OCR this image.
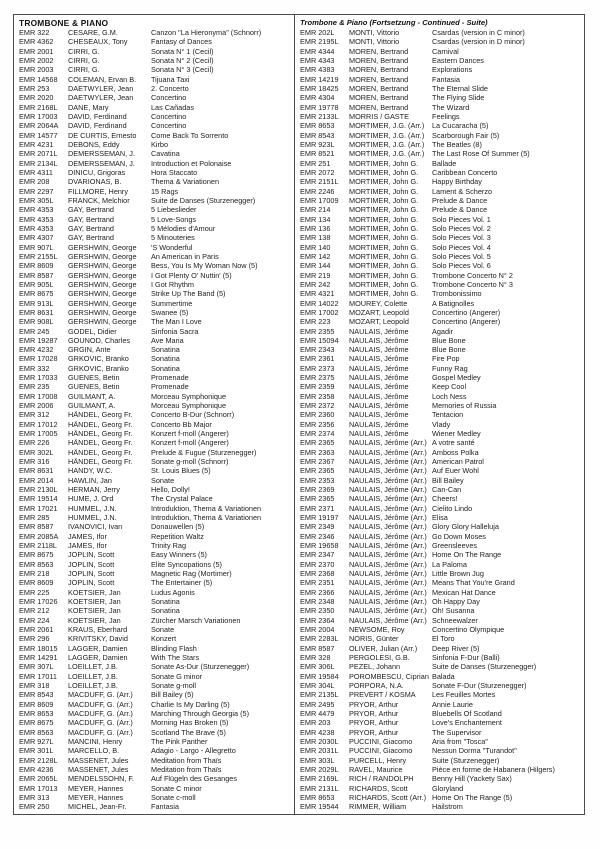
TROMBONE & PIANO
EMR 322	CESARE, G.M.	Canzon "La Hieronyma" (Schnorr)
EMR 4362	CHESEAUX, Tony	Fantasy of Dances
EMR 2001	CIRRI, G.	Sonata N° 1 (Cecil)
EMR 2002	CIRRI, G.	Sonata N° 2 (Cecil)
EMR 2003	CIRRI, G.	Sonata N° 3 (Cecil)
EMR 14568	COLEMAN, Ervan B.	Tijuana Taxi
EMR 253	DAETWYLER, Jean	2. Concerto
EMR 2020	DAETWYLER, Jean	Concertino
EMR 2168L	DANE, Mary	Las Cañadas
EMR 17003	DAVID, Ferdinand	Concertino
EMR 2064A	DAVID, Ferdinand	Concertino
EMR 14577	DE CURTIS, Ernesto	Come Back To Sorrento
EMR 4231	DEBONS, Eddy	Kirbo
EMR 2071L	DEMERSSEMAN, J.	Cavatina
EMR 2134L	DEMERSSEMAN, J.	Introduction et Polonaise
EMR 4311	DINICU, Grigoras	Hora Staccato
EMR 208	DVARIONAS, B.	Thema & Variationen
EMR 2297	FILLMORE, Henry	15 Rags
EMR 305L	FRANCK, Melchior	Suite de Danses (Sturzenegger)
EMR 4353	GAY, Bertrand	5 Liebeslieder
EMR 4353	GAY, Bertrand	5 Love-Songs
EMR 4353	GAY, Bertrand	5 Mélodies d'Amour
EMR 4307	GAY, Bertrand	5 Minouteries
EMR 907L	GERSHWIN, George	'S Wonderful
EMR 2155L	GERSHWIN, George	An American in Paris
EMR 8609	GERSHWIN, George	Bess, You Is My Woman Now (5)
EMR 8587	GERSHWIN, George	I Got Plenty O' Nuttin' (5)
EMR 905L	GERSHWIN, George	I Got Rhythm
EMR 8675	GERSHWIN, George	Strike Up The Band (5)
EMR 913L	GERSHWIN, George	Summertime
EMR 8631	GERSHWIN, George	Swanee (5)
EMR 908L	GERSHWIN, George	The Man I Love
EMR 245	GODEL, Didier	Sinfonia Sacra
EMR 19287	GOUNOD, Charles	Ave Maria
EMR 4232	GRGIN, Ante	Sonatina
EMR 17028	GRKOVIC, Branko	Sonatina
EMR 332	GRKOVIC, Branko	Sonatina
EMR 17033	GUENES, Betin	Promenade
EMR 235	GUENES, Betin	Promenade
EMR 17008	GUILMANT, A.	Morceau Symphonique
EMR 2006	GUILMANT, A.	Morceau Symphonique
EMR 312	HÄNDEL, Georg Fr.	Concerto B-Dur (Schnorr)
EMR 17012	HÄNDEL, Georg Fr.	Concerto Bb Major
EMR 17005	HÄNDEL, Georg Fr.	Konzert f-moll (Angerer)
EMR 226	HÄNDEL, Georg Fr.	Konzert f-moll (Angerer)
EMR 302L	HÄNDEL, Georg Fr.	Prelude & Fugue (Sturzenegger)
EMR 316	HÄNDEL, Georg Fr.	Sonate g-moll (Schnorr)
EMR 8631	HANDY, W.C.	St. Louis Blues (5)
EMR 2014	HAWLIN, Jan	Sonate
EMR 2130L	HERMAN, Jerry	Hello, Dolly!
EMR 19514	HUME, J. Ord	The Crystal Palace
EMR 17021	HUMMEL, J.N.	Introduktion, Thema & Variationen
EMR 285	HUMMEL, J.N.	Introduktion, Thema & Variationen
EMR 8587	IVANOVICI, Ivan	Donauwellen (5)
EMR 2085A	JAMES, Ifor	Repetition Waltz
EMR 2118L	JAMES, Ifor	Trinity Rag
EMR 8675	JOPLIN, Scott	Easy Winners (5)
EMR 8563	JOPLIN, Scott	Elite Syncopations (5)
EMR 218	JOPLIN, Scott	Magnetic Rag (Mortimer)
EMR 8609	JOPLIN, Scott	The Entertainer (5)
EMR 225	KOETSIER, Jan	Ludus Agonis
EMR 17026	KOETSIER, Jan	Sonatina
EMR 212	KOETSIER, Jan	Sonatina
EMR 224	KOETSIER, Jan	Zürcher Marsch Variationen
EMR 2061	KRAUS, Eberhard	Sonate
EMR 296	KRIVITSKY, David	Konzert
EMR 18015	LAGGER, Damien	Blinding Flash
EMR 14291	LAGGER, Damien	With The Stars
EMR 307L	LOEILLET, J.B.	Sonate As-Dur (Sturzenegger)
EMR 17011	LOEILLET, J.B.	Sonate G minor
EMR 318	LOEILLET, J.B.	Sonate g-moll
EMR 8543	MACDUFF, G. (Arr.)	Bill Bailey (5)
EMR 8609	MACDUFF, G. (Arr.)	Charlie Is My Darling (5)
EMR 8653	MACDUFF, G. (Arr.)	Marching Through Georgia (5)
EMR 8675	MACDUFF, G. (Arr.)	Morning Has Broken (5)
EMR 8563	MACDUFF, G. (Arr.)	Scotland The Brave (5)
EMR 927L	MANCINI, Henry	The Pink Panther
EMR 301L	MARCELLO, B.	Adagio - Largo - Allegretto
EMR 2128L	MASSENET, Jules	Meditation from Thaïs
EMR 4236	MASSENET, Jules	Meditation from Thaïs
EMR 2065L	MENDELSSOHN, F.	Auf Flügeln des Gesanges
EMR 17013	MEYER, Hannes	Sonate C minor
EMR 313	MEYER, Hannes	Sonate c-moll
EMR 250	MICHEL, Jean-Fr.	Fantasia
Trombone & Piano (Fortsetzung - Continued - Suite)
EMR 202L	MONTI, Vittorio	Csardas (version in C minor)
EMR 2195L	MONTI, Vittorio	Csardas (version in D minor)
EMR 4344	MOREN, Bertrand	Carnival
EMR 4343	MOREN, Bertrand	Eastern Dances
EMR 4383	MOREN, Bertrand	Explorations
EMR 14219	MOREN, Bertrand	Fantasia
EMR 18425	MOREN, Bertrand	The Eternal Slide
EMR 4304	MOREN, Bertrand	The Flying Slide
EMR 19778	MOREN, Bertrand	The Wizard
EMR 2133L	MORRIS / GASTE	Feelings
EMR 8653	MORTIMER, J.G. (Arr.)	La Cucaracha (5)
EMR 8543	MORTIMER, J.G. (Arr.)	Scarborough Fair (5)
EMR 923L	MORTIMER, J.G. (Arr.)	The Beatles (8)
EMR 8521	MORTIMER, J.G. (Arr.)	The Last Rose Of Summer (5)
EMR 251	MORTIMER, John G.	Ballade
EMR 2072	MORTIMER, John G.	Caribbean Concerto
EMR 2151L	MORTIMER, John G.	Happy Birthday
EMR 2246	MORTIMER, John G.	Lament & Scherzo
EMR 17009	MORTIMER, John G.	Prelude & Dance
EMR 214	MORTIMER, John G.	Prelude & Dance
EMR 134	MORTIMER, John G.	Solo Pieces Vol. 1
EMR 136	MORTIMER, John G.	Solo Pieces Vol. 2
EMR 138	MORTIMER, John G.	Solo Pieces Vol. 3
EMR 140	MORTIMER, John G.	Solo Pieces Vol. 4
EMR 142	MORTIMER, John G.	Solo Pieces Vol. 5
EMR 144	MORTIMER, John G.	Solo Pieces Vol. 6
EMR 219	MORTIMER, John G.	Trombone Concerto N° 2
EMR 242	MORTIMER, John G.	Trombone Concerto N° 3
EMR 4321	MORTIMER, John G.	Trombonissimo
EMR 14022	MOUREY, Colette	A Batignolles
EMR 17002	MOZART, Leopold	Concertino (Angerer)
EMR 223	MOZART, Leopold	Concertino (Angerer)
EMR 2355	NAULAIS, Jérôme	Agadir
EMR 15094	NAULAIS, Jérôme	Blue Bone
EMR 2343	NAULAIS, Jérôme	Blue Bone
EMR 2361	NAULAIS, Jérôme	Fire Pop
EMR 2373	NAULAIS, Jérôme	Funny Rag
EMR 2375	NAULAIS, Jérôme	Gospel Medley
EMR 2359	NAULAIS, Jérôme	Keep Cool
EMR 2358	NAULAIS, Jérôme	Loch Ness
EMR 2372	NAULAIS, Jérôme	Memories of Russia
EMR 2360	NAULAIS, Jérôme	Tentacion
EMR 2356	NAULAIS, Jérôme	Vlady
EMR 2374	NAULAIS, Jérôme	Wiener Medley
EMR 2365	NAULAIS, Jérôme (Arr.) A votre santé
EMR 2363	NAULAIS, Jérôme (Arr.) Amboss Polka
EMR 2367	NAULAIS, Jérôme (Arr.) American Patrol
EMR 2365	NAULAIS, Jérôme (Arr.) Auf Euer Wohl
EMR 2353	NAULAIS, Jérôme (Arr.) Bill Bailey
EMR 2369	NAULAIS, Jérôme (Arr.) Can-Can
EMR 2365	NAULAIS, Jérôme (Arr.) Cheers!
EMR 2371	NAULAIS, Jérôme (Arr.) Cielito Lindo
EMR 19197	NAULAIS, Jérôme (Arr.) Elisa
EMR 2349	NAULAIS, Jérôme (Arr.) Glory Glory Halleluja
EMR 2346	NAULAIS, Jérôme (Arr.) Go Down Moses
EMR 19658	NAULAIS, Jérôme (Arr.) Greensleeves
EMR 2347	NAULAIS, Jérôme (Arr.) Home On The Range
EMR 2370	NAULAIS, Jérôme (Arr.) La Paloma
EMR 2368	NAULAIS, Jérôme (Arr.) Little Brown Jug
EMR 2351	NAULAIS, Jérôme (Arr.) Means That You're Grand
EMR 2366	NAULAIS, Jérôme (Arr.) Mexican Hat Dance
EMR 2348	NAULAIS, Jérôme (Arr.) Oh Happy Day
EMR 2350	NAULAIS, Jérôme (Arr.) Oh! Susanna
EMR 2364	NAULAIS, Jérôme (Arr.) Schneewalzer
EMR 2004	NEWSOME, Roy	Concertino Olympique
EMR 2283L	NORIS, Günter	El Toro
EMR 8587	OLIVER, Julian (Arr.)	Deep River (5)
EMR 328	PERGOLESI, G.B.	Sinfonia F-Dur (Balli)
EMR 306L	PEZEL, Johann	Suite de Danses (Sturzenegger)
EMR 19584	POROMBESCU, Ciprian Balada
EMR 304L	PORPORA, N.A.	Sonate F-Dur (Sturzenegger)
EMR 2135L	PREVERT / KOSMA	Les Feuilles Mortes
EMR 2495	PRYOR, Arthur	Annie Laurie
EMR 4479	PRYOR, Arthur	Bluebells Of Scotland
EMR 203	PRYOR, Arthur	Love's Enchantement
EMR 4238	PRYOR, Arthur	The Supervisor
EMR 2030L	PUCCINI, Giacomo	Aria from "Tosca"
EMR 2031L	PUCCINI, Giacomo	Nessun Dorma "Turandot"
EMR 303L	PURCELL, Henry	Suite (Sturzenegger)
EMR 2029L	RAVEL, Maurice	Pièce en forme de Habanera (Hilgers)
EMR 2169L	RICH / RANDOLPH	Benny Hill (Yackety Sax)
EMR 2131L	RICHARDS, Scott	Gloryland
EMR 8653	RICHARDS, Scott (Arr.) Home On The Range (5)
EMR 19544	RIMMER, William	Hailstrom
